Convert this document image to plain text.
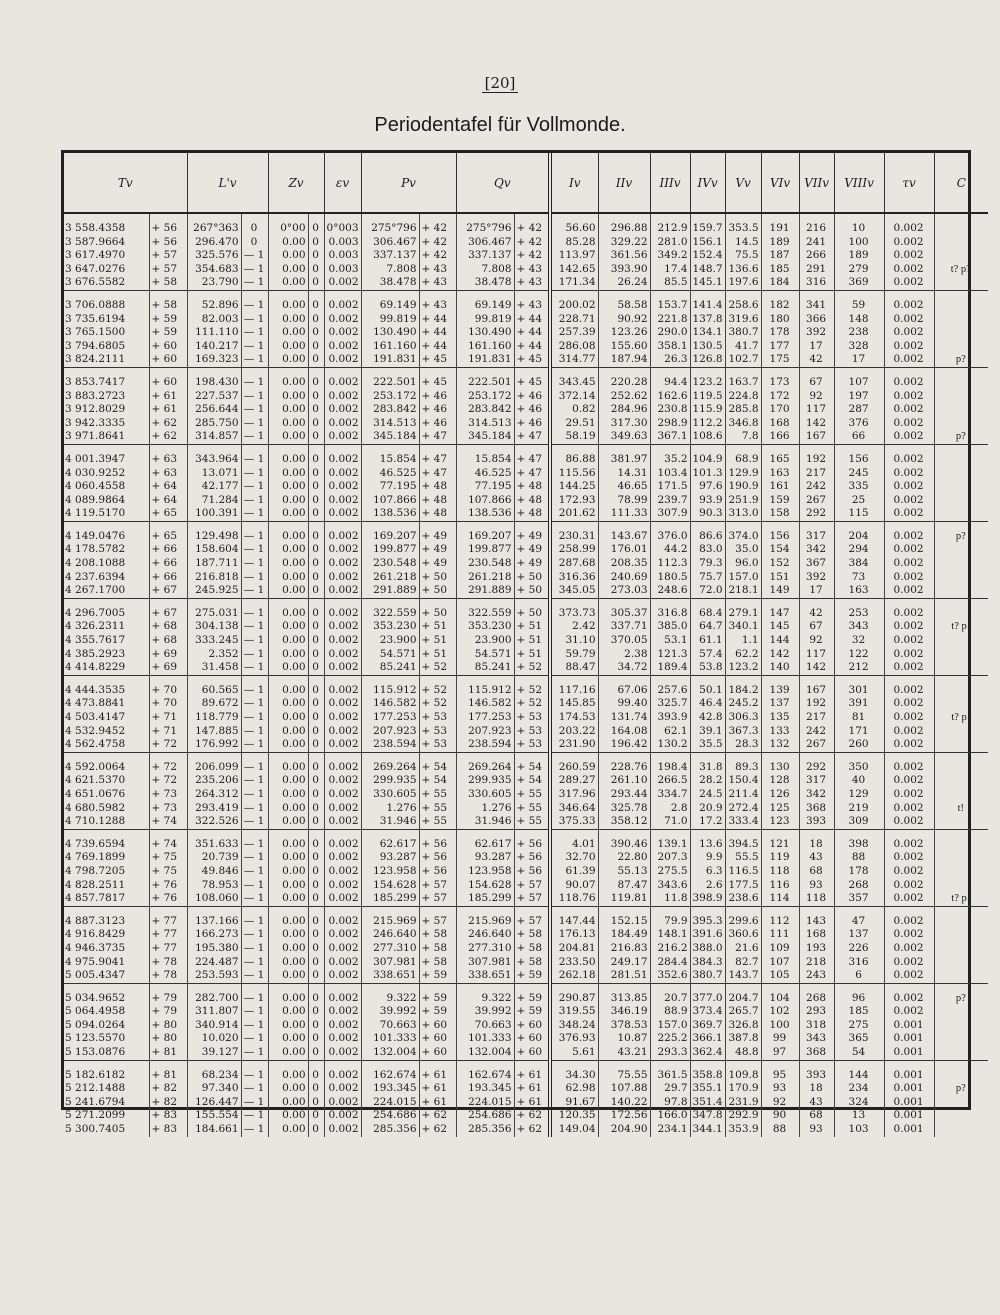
[20]
Periodentafel für Vollmonde.
Tv		L'v		Zv		εv	Pv		Qv		Iv	IIv	IIIv	IVv	Vv	VIv	VIIv	VIIIv	τv	C
3 558.4358	+ 56	267°363	0	0°00	0	0°003	275°796	+ 42	275°796	+ 42	56.60	296.88	212.9	159.7	353.5	191	216	10	0.002	
3 587.9664	+ 56	296.470	0	0.00	0	0.003	306.467	+ 42	306.467	+ 42	85.28	329.22	281.0	156.1	14.5	189	241	100	0.002	
3 617.4970	+ 57	325.576	— 1	0.00	0	0.003	337.137	+ 42	337.137	+ 42	113.97	361.56	349.2	152.4	75.5	187	266	189	0.002	
3 647.0276	+ 57	354.683	— 1	0.00	0	0.003	7.808	+ 43	7.808	+ 43	142.65	393.90	17.4	148.7	136.6	185	291	279	0.002	t? p?
3 676.5582	+ 58	23.790	— 1	0.00	0	0.002	38.478	+ 43	38.478	+ 43	171.34	26.24	85.5	145.1	197.6	184	316	369	0.002	
3 706.0888	+ 58	52.896	— 1	0.00	0	0.002	69.149	+ 43	69.149	+ 43	200.02	58.58	153.7	141.4	258.6	182	341	59	0.002	
3 735.6194	+ 59	82.003	— 1	0.00	0	0.002	99.819	+ 44	99.819	+ 44	228.71	90.92	221.8	137.8	319.6	180	366	148	0.002	
3 765.1500	+ 59	111.110	— 1	0.00	0	0.002	130.490	+ 44	130.490	+ 44	257.39	123.26	290.0	134.1	380.7	178	392	238	0.002	
3 794.6805	+ 60	140.217	— 1	0.00	0	0.002	161.160	+ 44	161.160	+ 44	286.08	155.60	358.1	130.5	41.7	177	17	328	0.002	
3 824.2111	+ 60	169.323	— 1	0.00	0	0.002	191.831	+ 45	191.831	+ 45	314.77	187.94	26.3	126.8	102.7	175	42	17	0.002	p?
3 853.7417	+ 60	198.430	— 1	0.00	0	0.002	222.501	+ 45	222.501	+ 45	343.45	220.28	94.4	123.2	163.7	173	67	107	0.002	
3 883.2723	+ 61	227.537	— 1	0.00	0	0.002	253.172	+ 46	253.172	+ 46	372.14	252.62	162.6	119.5	224.8	172	92	197	0.002	
3 912.8029	+ 61	256.644	— 1	0.00	0	0.002	283.842	+ 46	283.842	+ 46	0.82	284.96	230.8	115.9	285.8	170	117	287	0.002	
3 942.3335	+ 62	285.750	— 1	0.00	0	0.002	314.513	+ 46	314.513	+ 46	29.51	317.30	298.9	112.2	346.8	168	142	376	0.002	
3 971.8641	+ 62	314.857	— 1	0.00	0	0.002	345.184	+ 47	345.184	+ 47	58.19	349.63	367.1	108.6	7.8	166	167	66	0.002	p?
4 001.3947	+ 63	343.964	— 1	0.00	0	0.002	15.854	+ 47	15.854	+ 47	86.88	381.97	35.2	104.9	68.9	165	192	156	0.002	
4 030.9252	+ 63	13.071	— 1	0.00	0	0.002	46.525	+ 47	46.525	+ 47	115.56	14.31	103.4	101.3	129.9	163	217	245	0.002	
4 060.4558	+ 64	42.177	— 1	0.00	0	0.002	77.195	+ 48	77.195	+ 48	144.25	46.65	171.5	97.6	190.9	161	242	335	0.002	
4 089.9864	+ 64	71.284	— 1	0.00	0	0.002	107.866	+ 48	107.866	+ 48	172.93	78.99	239.7	93.9	251.9	159	267	25	0.002	
4 119.5170	+ 65	100.391	— 1	0.00	0	0.002	138.536	+ 48	138.536	+ 48	201.62	111.33	307.9	90.3	313.0	158	292	115	0.002	
4 149.0476	+ 65	129.498	— 1	0.00	0	0.002	169.207	+ 49	169.207	+ 49	230.31	143.67	376.0	86.6	374.0	156	317	204	0.002	p?
4 178.5782	+ 66	158.604	— 1	0.00	0	0.002	199.877	+ 49	199.877	+ 49	258.99	176.01	44.2	83.0	35.0	154	342	294	0.002	
4 208.1088	+ 66	187.711	— 1	0.00	0	0.002	230.548	+ 49	230.548	+ 49	287.68	208.35	112.3	79.3	96.0	152	367	384	0.002	
4 237.6394	+ 66	216.818	— 1	0.00	0	0.002	261.218	+ 50	261.218	+ 50	316.36	240.69	180.5	75.7	157.0	151	392	73	0.002	
4 267.1700	+ 67	245.925	— 1	0.00	0	0.002	291.889	+ 50	291.889	+ 50	345.05	273.03	248.6	72.0	218.1	149	17	163	0.002	
4 296.7005	+ 67	275.031	— 1	0.00	0	0.002	322.559	+ 50	322.559	+ 50	373.73	305.37	316.8	68.4	279.1	147	42	253	0.002	
4 326.2311	+ 68	304.138	— 1	0.00	0	0.002	353.230	+ 51	353.230	+ 51	2.42	337.71	385.0	64.7	340.1	145	67	343	0.002	t? p!
4 355.7617	+ 68	333.245	— 1	0.00	0	0.002	23.900	+ 51	23.900	+ 51	31.10	370.05	53.1	61.1	1.1	144	92	32	0.002	
4 385.2923	+ 69	2.352	— 1	0.00	0	0.002	54.571	+ 51	54.571	+ 51	59.79	2.38	121.3	57.4	62.2	142	117	122	0.002	
4 414.8229	+ 69	31.458	— 1	0.00	0	0.002	85.241	+ 52	85.241	+ 52	88.47	34.72	189.4	53.8	123.2	140	142	212	0.002	
4 444.3535	+ 70	60.565	— 1	0.00	0	0.002	115.912	+ 52	115.912	+ 52	117.16	67.06	257.6	50.1	184.2	139	167	301	0.002	
4 473.8841	+ 70	89.672	— 1	0.00	0	0.002	146.582	+ 52	146.582	+ 52	145.85	99.40	325.7	46.4	245.2	137	192	391	0.002	
4 503.4147	+ 71	118.779	— 1	0.00	0	0.002	177.253	+ 53	177.253	+ 53	174.53	131.74	393.9	42.8	306.3	135	217	81	0.002	t? p!
4 532.9452	+ 71	147.885	— 1	0.00	0	0.002	207.923	+ 53	207.923	+ 53	203.22	164.08	62.1	39.1	367.3	133	242	171	0.002	
4 562.4758	+ 72	176.992	— 1	0.00	0	0.002	238.594	+ 53	238.594	+ 53	231.90	196.42	130.2	35.5	28.3	132	267	260	0.002	
4 592.0064	+ 72	206.099	— 1	0.00	0	0.002	269.264	+ 54	269.264	+ 54	260.59	228.76	198.4	31.8	89.3	130	292	350	0.002	
4 621.5370	+ 72	235.206	— 1	0.00	0	0.002	299.935	+ 54	299.935	+ 54	289.27	261.10	266.5	28.2	150.4	128	317	40	0.002	
4 651.0676	+ 73	264.312	— 1	0.00	0	0.002	330.605	+ 55	330.605	+ 55	317.96	293.44	334.7	24.5	211.4	126	342	129	0.002	
4 680.5982	+ 73	293.419	— 1	0.00	0	0.002	1.276	+ 55	1.276	+ 55	346.64	325.78	2.8	20.9	272.4	125	368	219	0.002	t!
4 710.1288	+ 74	322.526	— 1	0.00	0	0.002	31.946	+ 55	31.946	+ 55	375.33	358.12	71.0	17.2	333.4	123	393	309	0.002	
4 739.6594	+ 74	351.633	— 1	0.00	0	0.002	62.617	+ 56	62.617	+ 56	4.01	390.46	139.1	13.6	394.5	121	18	398	0.002	
4 769.1899	+ 75	20.739	— 1	0.00	0	0.002	93.287	+ 56	93.287	+ 56	32.70	22.80	207.3	9.9	55.5	119	43	88	0.002	
4 798.7205	+ 75	49.846	— 1	0.00	0	0.002	123.958	+ 56	123.958	+ 56	61.39	55.13	275.5	6.3	116.5	118	68	178	0.002	
4 828.2511	+ 76	78.953	— 1	0.00	0	0.002	154.628	+ 57	154.628	+ 57	90.07	87.47	343.6	2.6	177.5	116	93	268	0.002	
4 857.7817	+ 76	108.060	— 1	0.00	0	0.002	185.299	+ 57	185.299	+ 57	118.76	119.81	11.8	398.9	238.6	114	118	357	0.002	t? p!
4 887.3123	+ 77	137.166	— 1	0.00	0	0.002	215.969	+ 57	215.969	+ 57	147.44	152.15	79.9	395.3	299.6	112	143	47	0.002	
4 916.8429	+ 77	166.273	— 1	0.00	0	0.002	246.640	+ 58	246.640	+ 58	176.13	184.49	148.1	391.6	360.6	111	168	137	0.002	
4 946.3735	+ 77	195.380	— 1	0.00	0	0.002	277.310	+ 58	277.310	+ 58	204.81	216.83	216.2	388.0	21.6	109	193	226	0.002	
4 975.9041	+ 78	224.487	— 1	0.00	0	0.002	307.981	+ 58	307.981	+ 58	233.50	249.17	284.4	384.3	82.7	107	218	316	0.002	
5 005.4347	+ 78	253.593	— 1	0.00	0	0.002	338.651	+ 59	338.651	+ 59	262.18	281.51	352.6	380.7	143.7	105	243	6	0.002	
5 034.9652	+ 79	282.700	— 1	0.00	0	0.002	9.322	+ 59	9.322	+ 59	290.87	313.85	20.7	377.0	204.7	104	268	96	0.002	p?
5 064.4958	+ 79	311.807	— 1	0.00	0	0.002	39.992	+ 59	39.992	+ 59	319.55	346.19	88.9	373.4	265.7	102	293	185	0.002	
5 094.0264	+ 80	340.914	— 1	0.00	0	0.002	70.663	+ 60	70.663	+ 60	348.24	378.53	157.0	369.7	326.8	100	318	275	0.001	
5 123.5570	+ 80	10.020	— 1	0.00	0	0.002	101.333	+ 60	101.333	+ 60	376.93	10.87	225.2	366.1	387.8	99	343	365	0.001	
5 153.0876	+ 81	39.127	— 1	0.00	0	0.002	132.004	+ 60	132.004	+ 60	5.61	43.21	293.3	362.4	48.8	97	368	54	0.001	
5 182.6182	+ 81	68.234	— 1	0.00	0	0.002	162.674	+ 61	162.674	+ 61	34.30	75.55	361.5	358.8	109.8	95	393	144	0.001	
5 212.1488	+ 82	97.340	— 1	0.00	0	0.002	193.345	+ 61	193.345	+ 61	62.98	107.88	29.7	355.1	170.9	93	18	234	0.001	p?
5 241.6794	+ 82	126.447	— 1	0.00	0	0.002	224.015	+ 61	224.015	+ 61	91.67	140.22	97.8	351.4	231.9	92	43	324	0.001	
5 271.2099	+ 83	155.554	— 1	0.00	0	0.002	254.686	+ 62	254.686	+ 62	120.35	172.56	166.0	347.8	292.9	90	68	13	0.001	
5 300.7405	+ 83	184.661	— 1	0.00	0	0.002	285.356	+ 62	285.356	+ 62	149.04	204.90	234.1	344.1	353.9	88	93	103	0.001	
